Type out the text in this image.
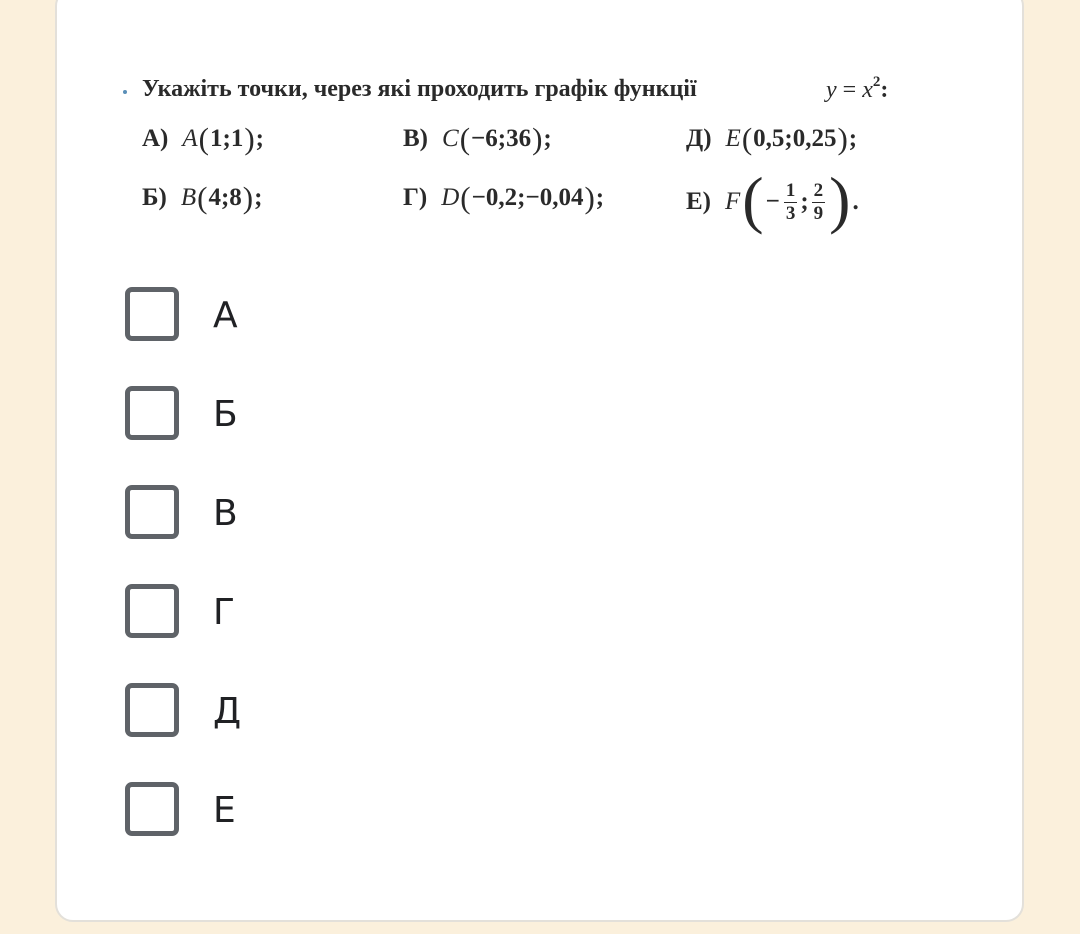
Укажіть точки, через які проходить графік функції	$y = x^2$:
А) A ( 1;1 ) ;	В) C ( −6;36 ) ;	Д) E ( 0,5;0,25 ) ;
Б) B ( 4;8 ) ;	Г) D ( −0,2;−0,04 ) ;	Е) F ( − $\frac{1}{3}$ ; $\frac{2}{9}$ ) .
А
Б
В
Г
Д
Е
